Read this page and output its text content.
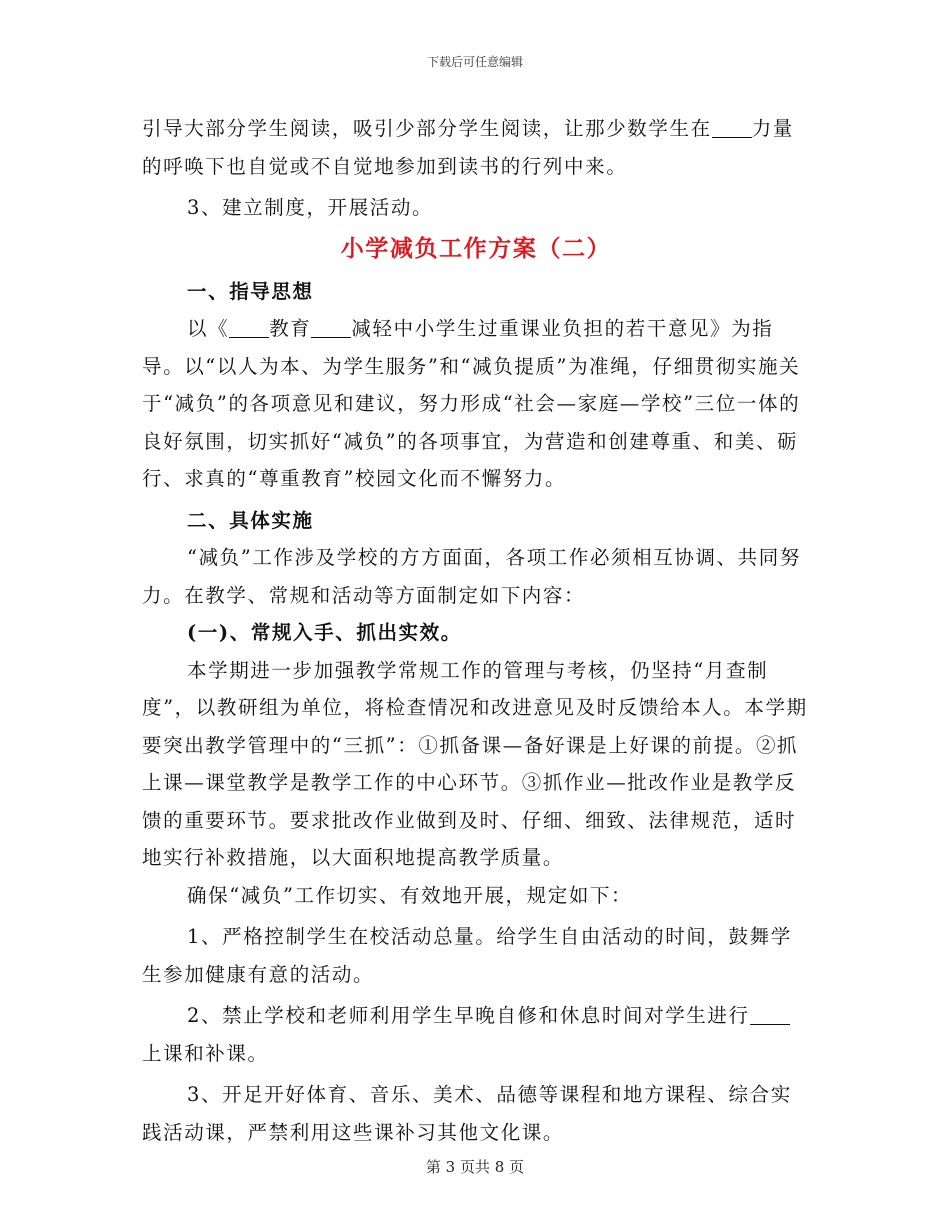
下载后可任意编辑

引导大部分学生阅读，吸引少部分学生阅读，让那少数学生在 力量的呼唤下也自觉或不自觉地参加到读书的行列中来。

3、建立制度，开展活动。

小学减负工作方案（二）

一、指导思想

以《 教育 减轻中小学生过重课业负担的若干意见》为指导。以“以人为本、为学生服务”和“减负提质”为准绳，仔细贯彻实施关于“减负”的各项意见和建议，努力形成“社会—家庭—学校”三位一体的良好氛围，切实抓好“减负”的各项事宜，为营造和创建尊重、和美、砺行、求真的“尊重教育”校园文化而不懈努力。

二、具体实施

“减负”工作涉及学校的方方面面，各项工作必须相互协调、共同努力。在教学、常规和活动等方面制定如下内容：

(一)、常规入手、抓出实效。

本学期进一步加强教学常规工作的管理与考核，仍坚持“月查制度”，以教研组为单位，将检查情况和改进意见及时反馈给本人。本学期要突出教学管理中的“三抓”：①抓备课—备好课是上好课的前提。②抓上课—课堂教学是教学工作的中心环节。③抓作业—批改作业是教学反馈的重要环节。要求批改作业做到及时、仔细、细致、法律规范，适时地实行补救措施，以大面积地提高教学质量。

确保“减负”工作切实、有效地开展，规定如下：

1、严格控制学生在校活动总量。给学生自由活动的时间，鼓舞学生参加健康有意的活动。

2、禁止学校和老师利用学生早晚自修和休息时间对学生进行上课和补课。

3、开足开好体育、音乐、美术、品德等课程和地方课程、综合实践活动课，严禁利用这些课补习其他文化课。

第 3 页共 8 页
